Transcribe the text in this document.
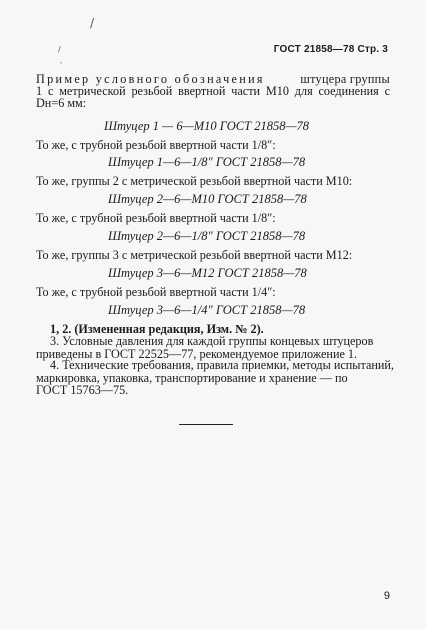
/
/
’
ГОСТ 21858—78 Стр. 3
Пример условного обозначения	штуцера группы
1 с метрической резьбой ввертной части М10 для соединения с
Dн=6 мм:
Штуцер 1 — 6—М10 ГОСТ 21858—78
То же, с трубной резьбой ввертной части 1/8″:
Штуцер 1—6—1/8″ ГОСТ 21858—78
То же, группы 2 с метрической резьбой ввертной части М10:
Штуцер 2—6—М10 ГОСТ 21858—78
То же, с трубной резьбой ввертной части 1/8″:
Штуцер 2—6—1/8″ ГОСТ 21858—78
То же, группы 3 с метрической резьбой ввертной части М12:
Штуцер 3—6—М12 ГОСТ 21858—78
То же, с трубной резьбой ввертной части 1/4″:
Штуцер 3—6—1/4″ ГОСТ 21858—78
1, 2. (Измененная редакция, Изм. № 2).
3. Условные давления для каждой группы концевых штуцеров
приведены в ГОСТ 22525—77, рекомендуемое приложение 1.
4. Технические требования, правила приемки, методы испытаний,
маркировка, упаковка, транспортирование и хранение — по
ГОСТ 15763—75.
9
